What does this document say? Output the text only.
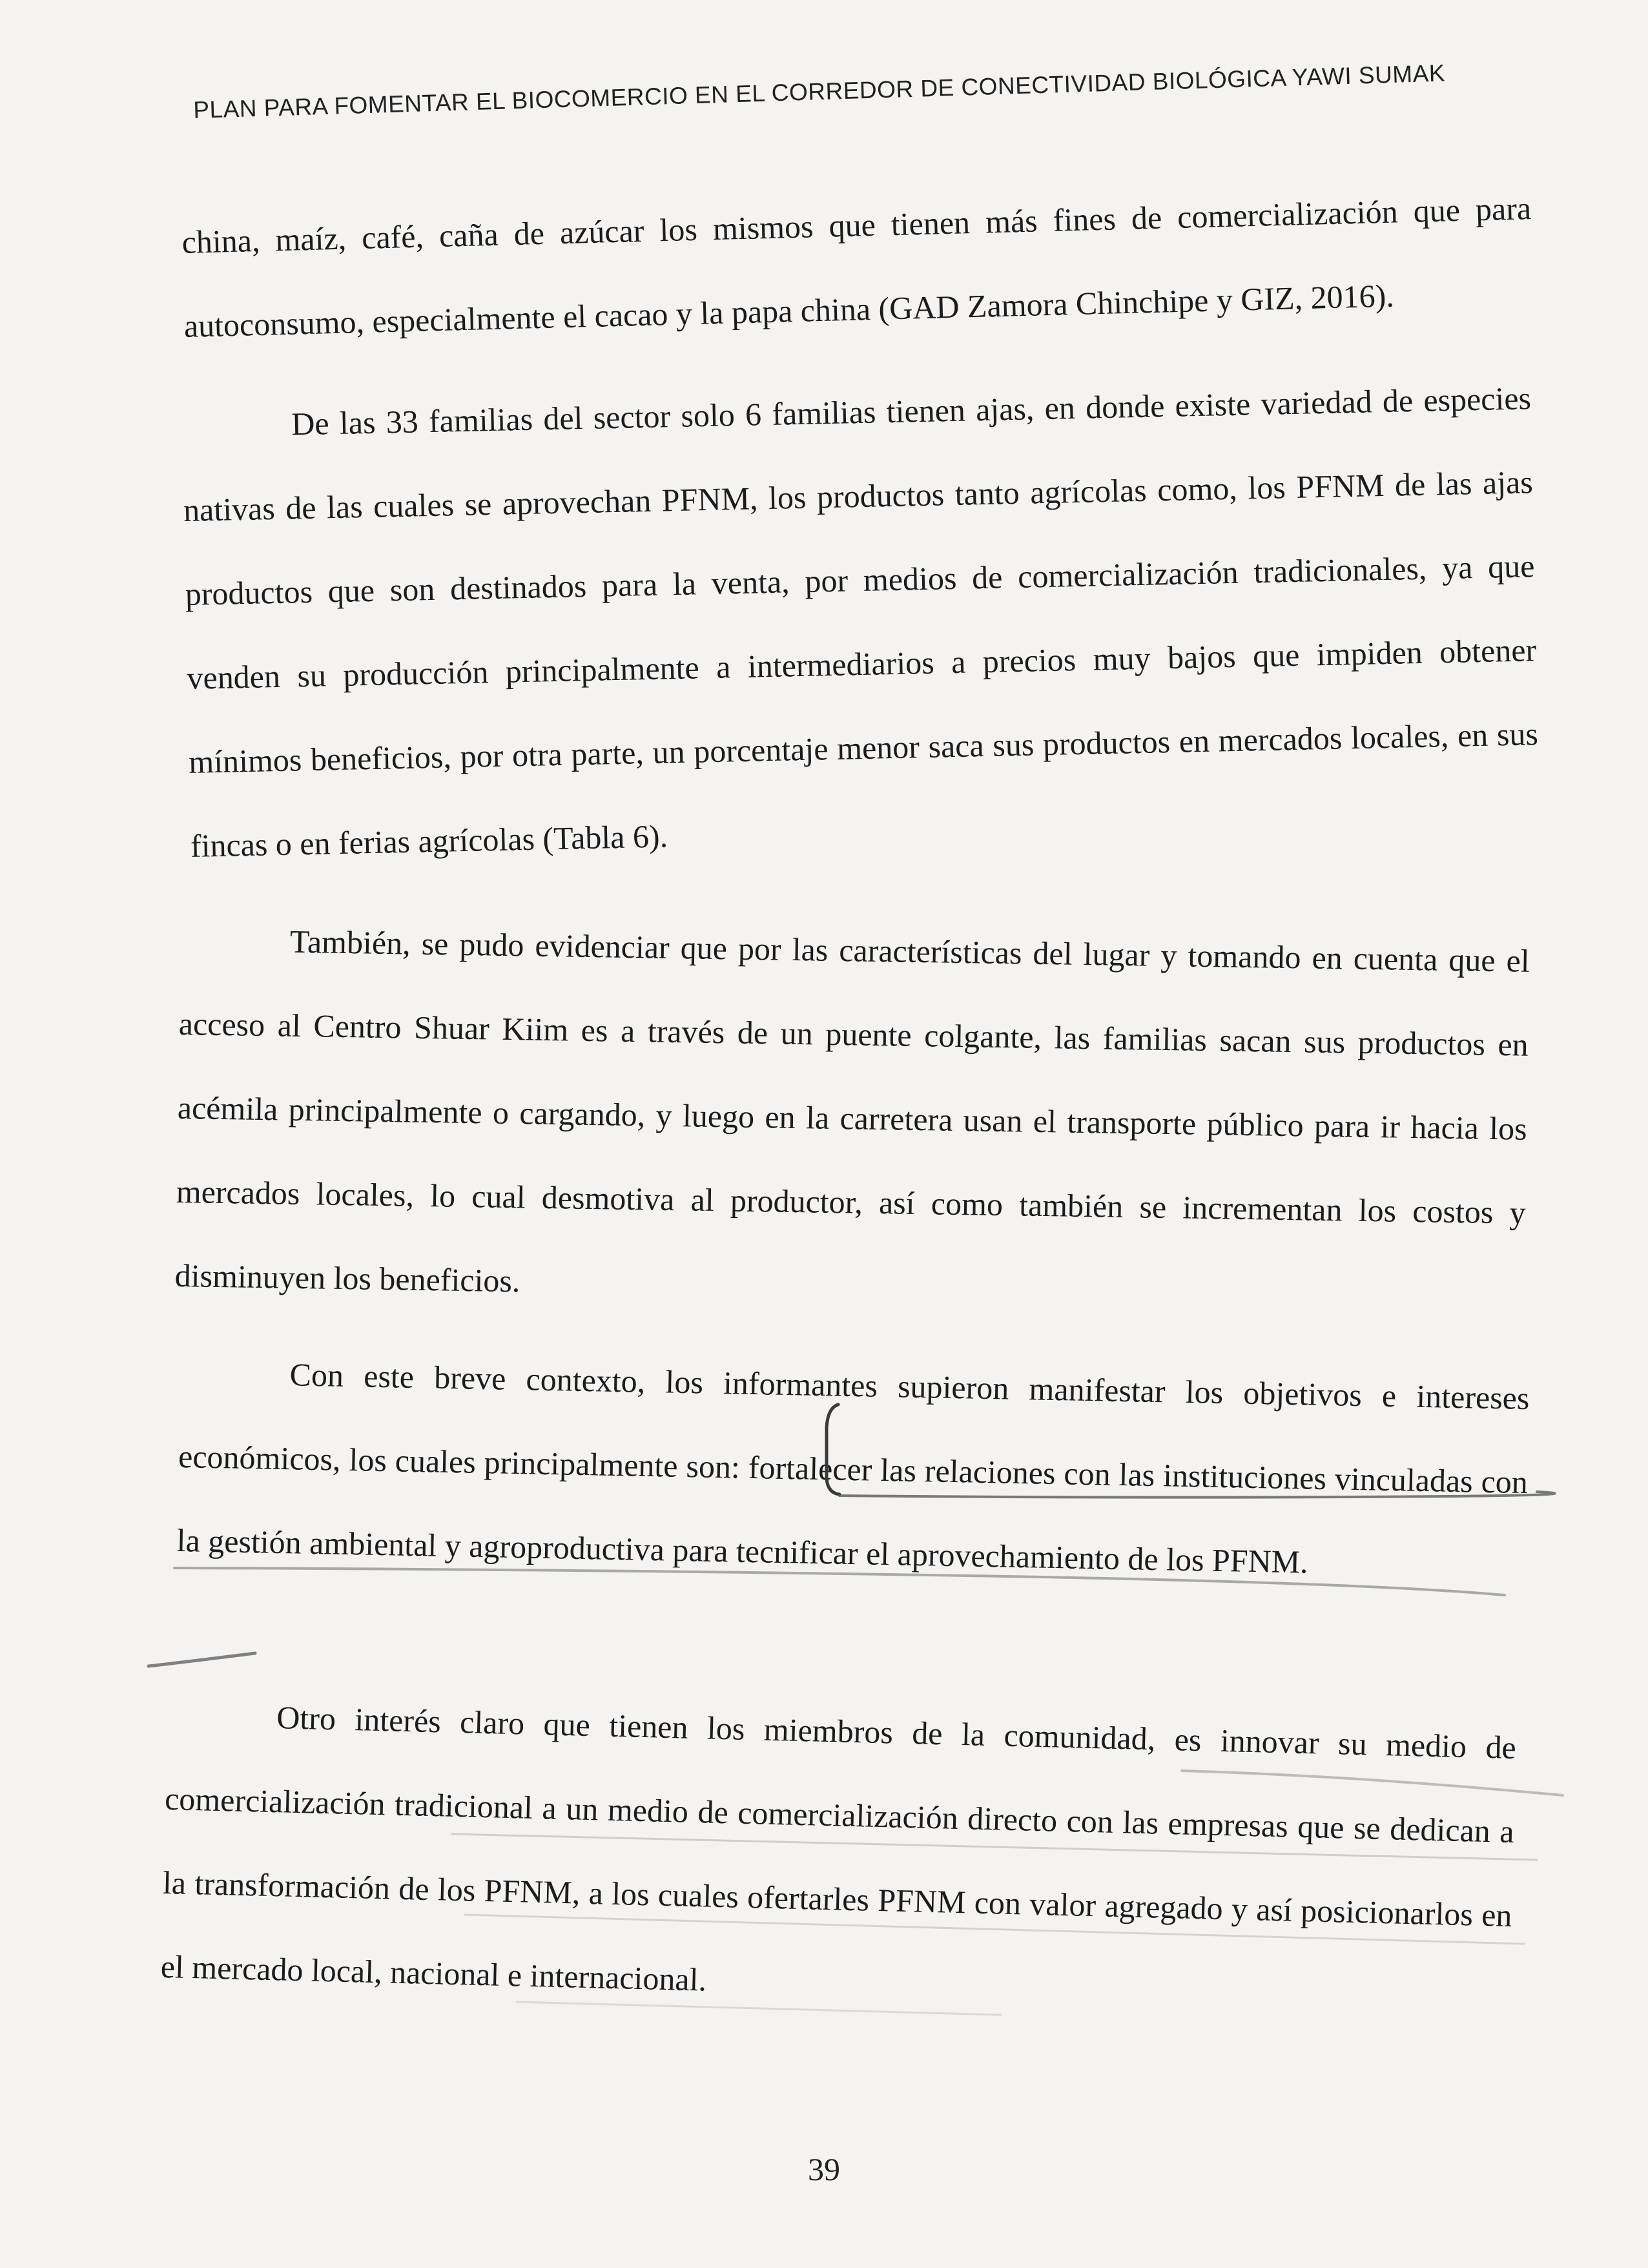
PLAN PARA FOMENTAR EL BIOCOMERCIO EN EL CORREDOR DE CONECTIVIDAD BIOLÓGICA YAWI SUMAK

china, maíz, café, caña de azúcar los mismos que tienen más fines de comercialización que para autoconsumo, especialmente el cacao y la papa china (GAD Zamora Chinchipe y GIZ, 2016).

De las 33 familias del sector solo 6 familias tienen ajas, en donde existe variedad de especies nativas de las cuales se aprovechan PFNM, los productos tanto agrícolas como, los PFNM de las ajas productos que son destinados para la venta, por medios de comercialización tradicionales, ya que venden su producción principalmente a intermediarios a precios muy bajos que impiden obtener mínimos beneficios, por otra parte, un porcentaje menor saca sus productos en mercados locales, en sus fincas o en ferias agrícolas (Tabla 6).

También, se pudo evidenciar que por las características del lugar y tomando en cuenta que el acceso al Centro Shuar Kiim es a través de un puente colgante, las familias sacan sus productos en acémila principalmente o cargando, y luego en la carretera usan el transporte público para ir hacia los mercados locales, lo cual desmotiva al productor, así como también se incrementan los costos y disminuyen los beneficios.

Con este breve contexto, los informantes supieron manifestar los objetivos e intereses económicos, los cuales principalmente son: fortalecer las relaciones con las instituciones vinculadas con la gestión ambiental y agroproductiva para tecnificar el aprovechamiento de los PFNM.

Otro interés claro que tienen los miembros de la comunidad, es innovar su medio de comercialización tradicional a un medio de comercialización directo con las empresas que se dedican a la transformación de los PFNM, a los cuales ofertarles PFNM con valor agregado y así posicionarlos en el mercado local, nacional e internacional.

39
